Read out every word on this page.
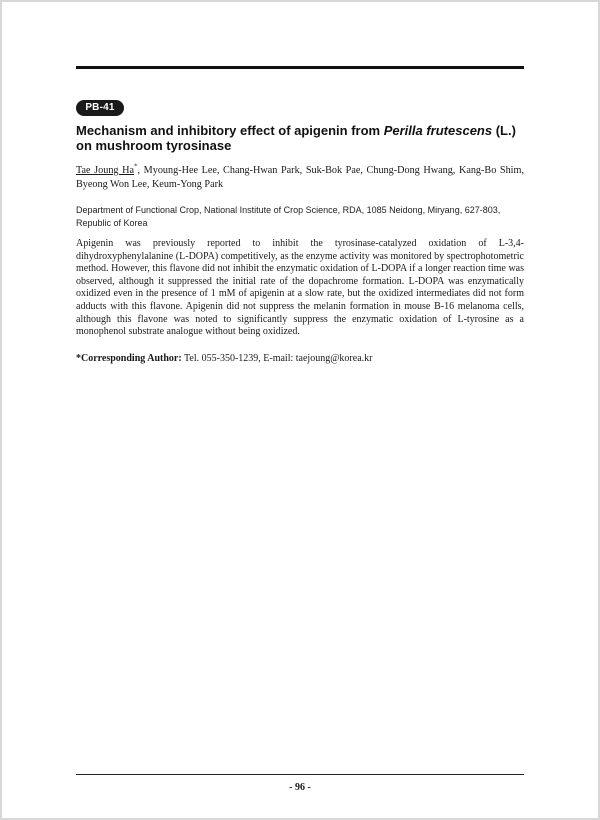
PB-41
Mechanism and inhibitory effect of apigenin from Perilla frutescens (L.) on mushroom tyrosinase
Tae Joung Ha*, Myoung-Hee Lee, Chang-Hwan Park, Suk-Bok Pae, Chung-Dong Hwang, Kang-Bo Shim, Byeong Won Lee, Keum-Yong Park
Department of Functional Crop, National Institute of Crop Science, RDA, 1085 Neidong, Miryang, 627-803, Republic of Korea
Apigenin was previously reported to inhibit the tyrosinase-catalyzed oxidation of L-3,4-dihydroxyphenylalanine (L-DOPA) competitively, as the enzyme activity was monitored by spectrophotometric method. However, this flavone did not inhibit the enzymatic oxidation of L-DOPA if a longer reaction time was observed, although it suppressed the initial rate of the dopachrome formation. L-DOPA was enzymatically oxidized even in the presence of 1 mM of apigenin at a slow rate, but the oxidized intermediates did not form adducts with this flavone. Apigenin did not suppress the melanin formation in mouse B-16 melanoma cells, although this flavone was noted to significantly suppress the enzymatic oxidation of L-tyrosine as a monophenol substrate analogue without being oxidized.
*Corresponding Author: Tel. 055-350-1239, E-mail: taejoung@korea.kr
- 96 -
